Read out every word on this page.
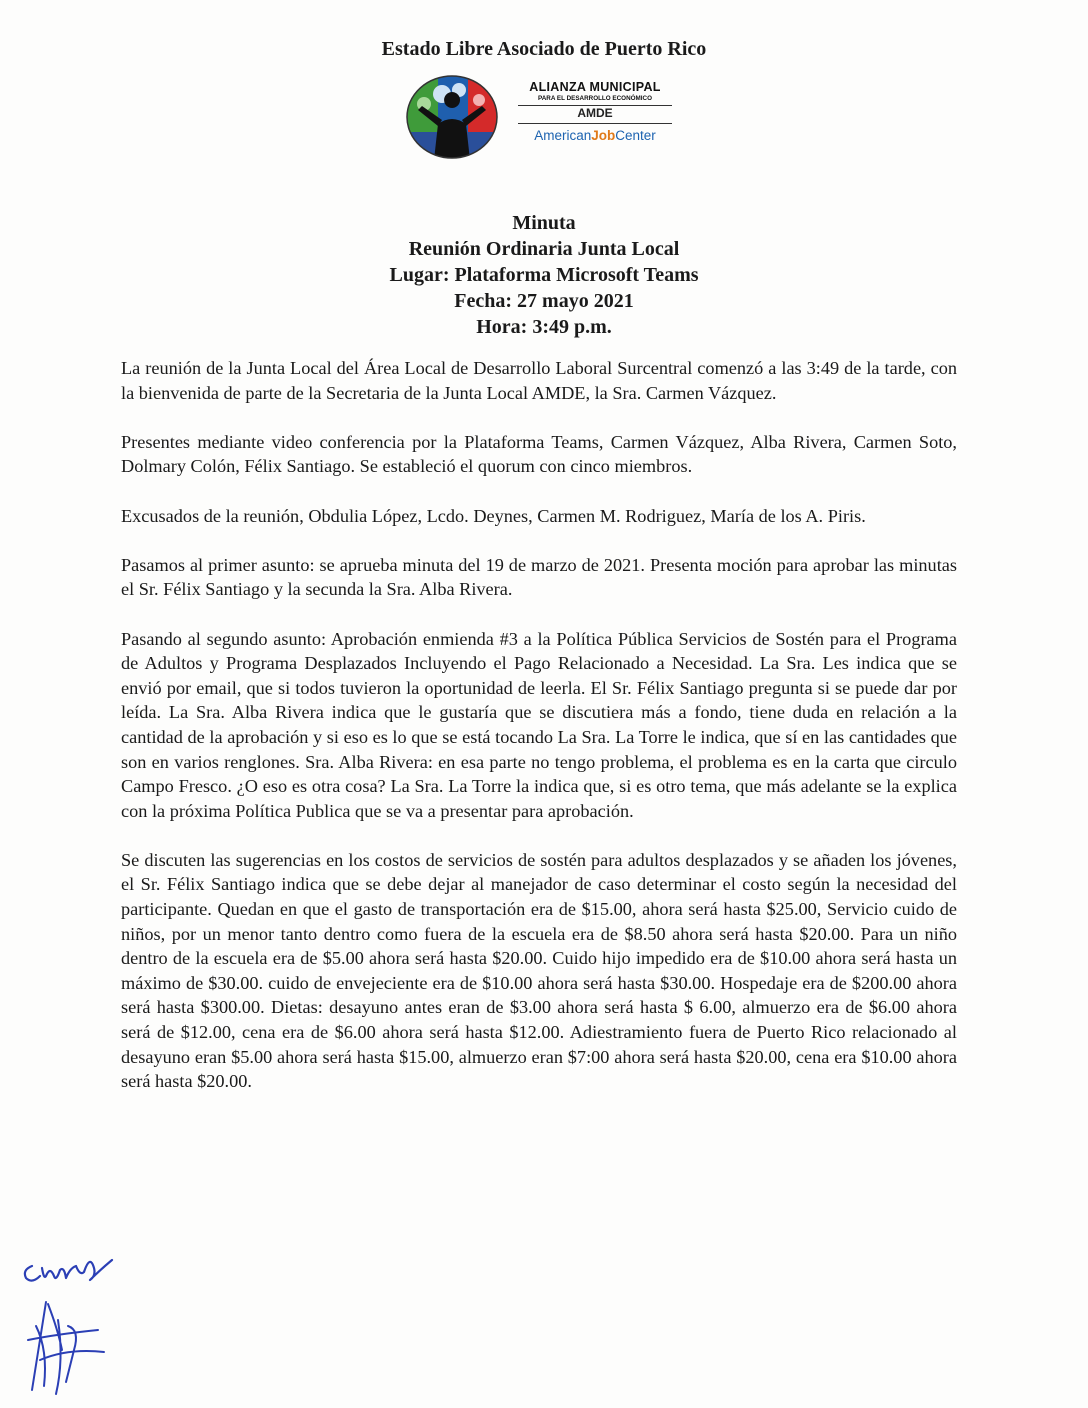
Estado Libre Asociado de Puerto Rico
ALIANZA MUNICIPAL
PARA EL DESARROLLO ECONÓMICO
AMDE
AmericanJobCenter
Minuta
Reunión Ordinaria Junta Local
Lugar: Plataforma Microsoft Teams
Fecha: 27 mayo 2021
Hora: 3:49 p.m.

La reunión de la Junta Local del Área Local de Desarrollo Laboral Surcentral comenzó a las 3:49 de la tarde, con la bienvenida de parte de la Secretaria de la Junta Local AMDE, la Sra. Carmen Vázquez.

Presentes mediante video conferencia por la Plataforma Teams, Carmen Vázquez, Alba Rivera, Carmen Soto, Dolmary Colón, Félix Santiago. Se estableció el quorum con cinco miembros.

Excusados de la reunión, Obdulia López, Lcdo. Deynes, Carmen M. Rodriguez, María de los A. Piris.

Pasamos al primer asunto: se aprueba minuta del 19 de marzo de 2021. Presenta moción para aprobar las minutas el Sr. Félix Santiago y la secunda la Sra. Alba Rivera.

Pasando al segundo asunto: Aprobación enmienda #3 a la Política Pública Servicios de Sostén para el Programa de Adultos y Programa Desplazados Incluyendo el Pago Relacionado a Necesidad. La Sra. Les indica que se envió por email, que si todos tuvieron la oportunidad de leerla. El Sr. Félix Santiago pregunta si se puede dar por leída. La Sra. Alba Rivera indica que le gustaría que se discutiera más a fondo, tiene duda en relación a la cantidad de la aprobación y si eso es lo que se está tocando La Sra. La Torre le indica, que sí en las cantidades que son en varios renglones. Sra. Alba Rivera: en esa parte no tengo problema, el problema es en la carta que circulo Campo Fresco. ¿O eso es otra cosa? La Sra. La Torre la indica que, si es otro tema, que más adelante se la explica con la próxima Política Publica que se va a presentar para aprobación.

Se discuten las sugerencias en los costos de servicios de sostén para adultos desplazados y se añaden los jóvenes, el Sr. Félix Santiago indica que se debe dejar al manejador de caso determinar el costo según la necesidad del participante. Quedan en que el gasto de transportación era de $15.00, ahora será hasta $25.00, Servicio cuido de niños, por un menor tanto dentro como fuera de la escuela era de $8.50 ahora será hasta $20.00. Para un niño dentro de la escuela era de $5.00 ahora será hasta $20.00. Cuido hijo impedido era de $10.00 ahora será hasta un máximo de $30.00. cuido de envejeciente era de $10.00 ahora será hasta $30.00. Hospedaje era de $200.00 ahora será hasta $300.00. Dietas: desayuno antes eran de $3.00 ahora será hasta $ 6.00, almuerzo era de $6.00 ahora será de $12.00, cena era de $6.00 ahora será hasta $12.00. Adiestramiento fuera de Puerto Rico relacionado al desayuno eran $5.00 ahora será hasta $15.00, almuerzo eran $7:00 ahora será hasta $20.00, cena era $10.00 ahora será hasta $20.00.
